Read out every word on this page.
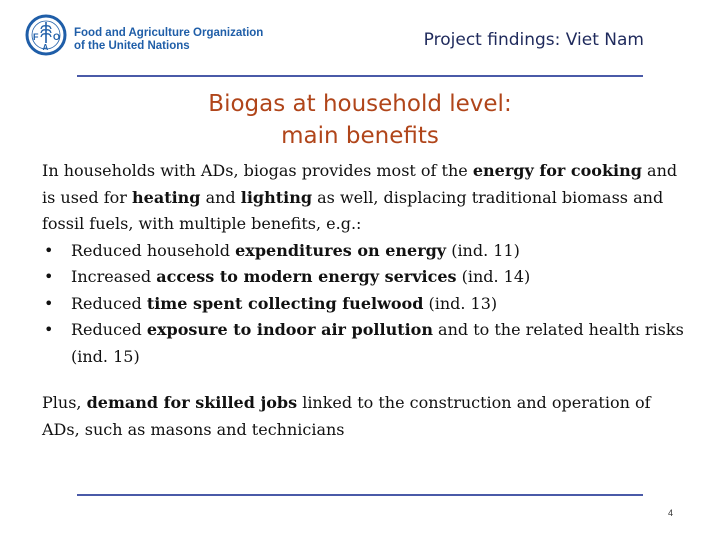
F O
A
Food and Agriculture Organization
of the United Nations	Project findings: Viet Nam
Biogas at household level:
main benefits

In households with ADs, biogas provides most of the energy for cooking and is used for heating and lighting as well, displacing traditional biomass and fossil fuels, with multiple benefits, e.g.:

• Reduced household expenditures on energy (ind. 11)
• Increased access to modern energy services (ind. 14)
• Reduced time spent collecting fuelwood (ind. 13)
• Reduced exposure to indoor air pollution and to the related health risks (ind. 15)

Plus, demand for skilled jobs linked to the construction and operation of ADs, such as masons and technicians

4
